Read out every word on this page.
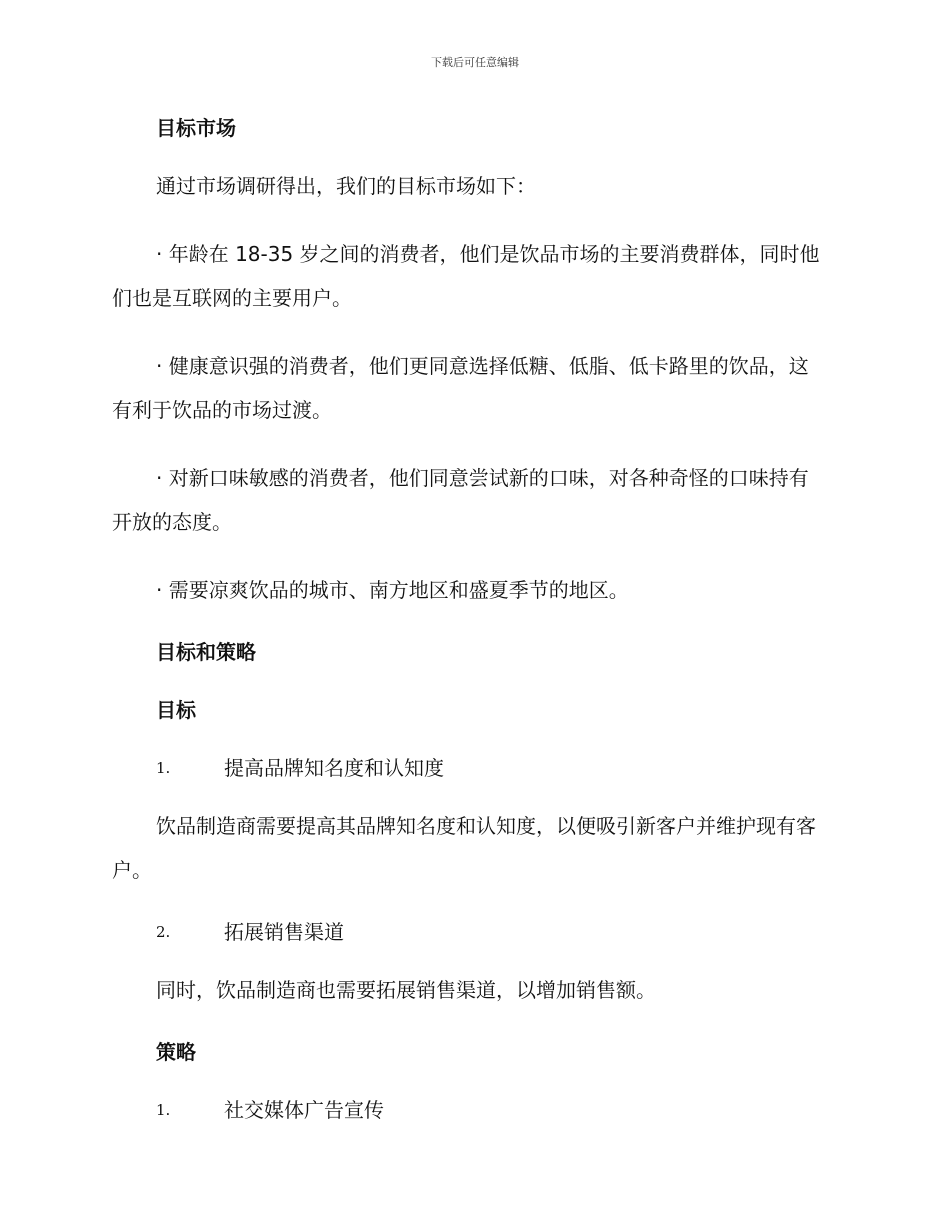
下载后可任意编辑
目标市场

通过市场调研得出，我们的目标市场如下：

· 年龄在 18-35 岁之间的消费者，他们是饮品市场的主要消费群体，同时他们也是互联网的主要用户。

· 健康意识强的消费者，他们更同意选择低糖、低脂、低卡路里的饮品，这有利于饮品的市场过渡。

· 对新口味敏感的消费者，他们同意尝试新的口味，对各种奇怪的口味持有开放的态度。

· 需要凉爽饮品的城市、南方地区和盛夏季节的地区。

目标和策略
目标
1.	提高品牌知名度和认知度

饮品制造商需要提高其品牌知名度和认知度，以便吸引新客户并维护现有客户。

2.	拓展销售渠道

同时，饮品制造商也需要拓展销售渠道，以增加销售额。

策略
1.	社交媒体广告宣传
